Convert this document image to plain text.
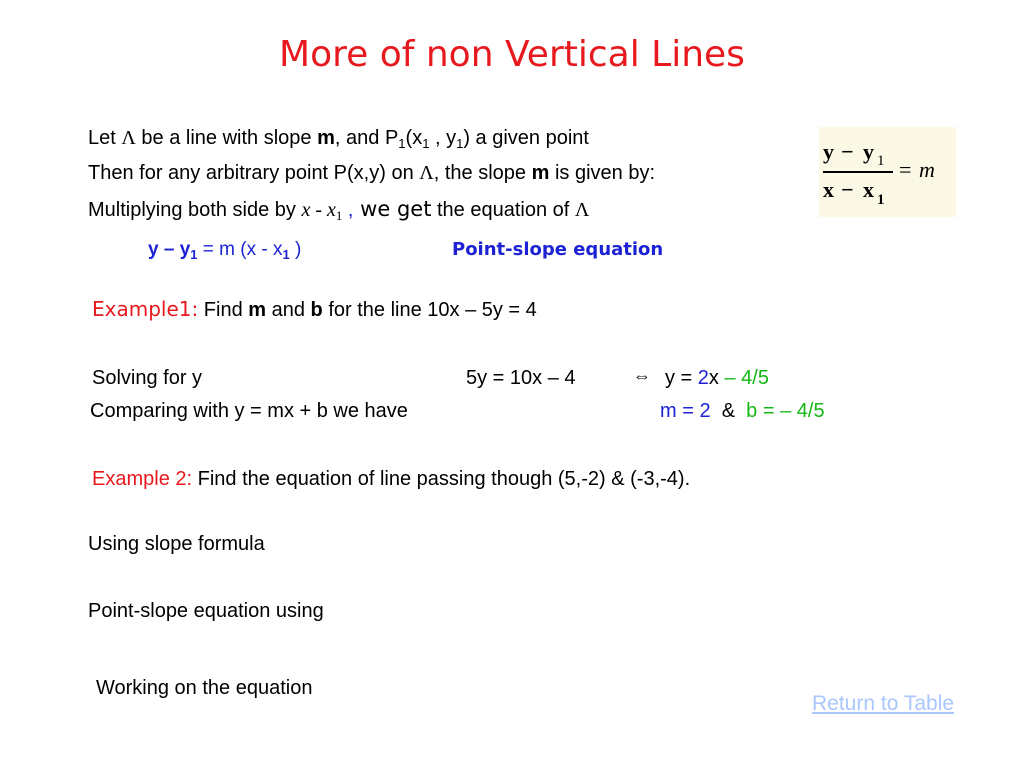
More of non Vertical Lines
Let Λ be a line with slope m, and $P_1(x_1$ , $y_1$) a given point
Then for any arbitrary point P(x,y) on Λ, the slope m is given by:
Multiplying both side by x - $x_1$ , we get the equation of Λ
y − y 1
x − x 1
= m
$y - y_1 = m$ ($x - x_1$ )	Point-slope equation
Example1: Find m and b for the line 10x – 5y = 4
Solving for y	5y = 10x – 4	⇔ y = 2x – 4/5
Comparing with y = mx + b we have	m = 2 & b = – 4/5
Example 2: Find the equation of line passing though (5,-2) & (-3,-4).
Using slope formula
Point-slope equation using
Working on the equation
Return to Table
